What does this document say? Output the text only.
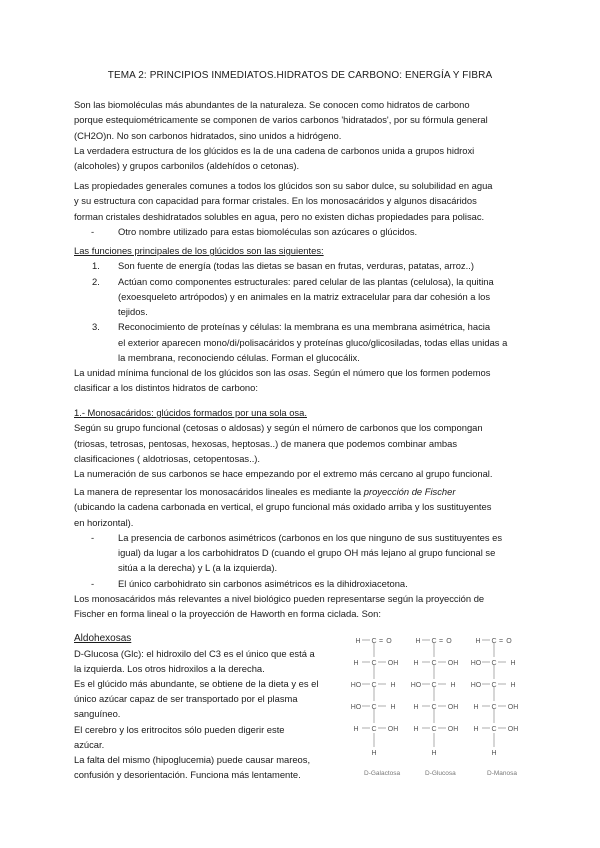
TEMA 2: PRINCIPIOS INMEDIATOS.HIDRATOS DE CARBONO: ENERGÍA Y FIBRA

Son las biomoléculas más abundantes de la naturaleza. Se conocen como hidratos de carbono

porque estequiométricamente se componen de varios carbonos 'hidratados', por su fórmula general

(CH2O)n. No son carbonos hidratados, sino unidos a hidrógeno.

La verdadera estructura de los glúcidos es la de una cadena de carbonos unida a grupos hidroxi

(alcoholes) y grupos carbonilos (aldehídos o cetonas).

Las propiedades generales comunes a todos los glúcidos son su sabor dulce, su solubilidad en agua

y su estructura con capacidad para formar cristales. En los monosacáridos y algunos disacáridos

forman cristales deshidratados solubles en agua, pero no existen dichas propiedades para polisac.

-	Otro nombre utilizado para estas biomoléculas son azúcares o glúcidos.

Las funciones principales de los glúcidos son las siguientes:

1. Son fuente de energía (todas las dietas se basan en frutas, verduras, patatas, arroz..)
2. Actúan como componentes estructurales: pared celular de las plantas (celulosa), la quitina
(exoesqueleto artrópodos) y en animales en la matriz extracelular para dar cohesión a los
tejidos.
3. Reconocimiento de proteínas y células: la membrana es una membrana asimétrica, hacia
el exterior aparecen mono/di/polisacáridos y proteínas gluco/glicosiladas, todas ellas unidas a
la membrana, reconociendo células. Forman el glucocálix.

La unidad mínima funcional de los glúcidos son las osas. Según el número que los formen podemos

clasificar a los distintos hidratos de carbono:

1.- Monosacáridos: glúcidos formados por una sola osa.

Según su grupo funcional (cetosas o aldosas) y según el número de carbonos que los compongan

(triosas, tetrosas, pentosas, hexosas, heptosas..) de manera que podemos combinar ambas

clasificaciones ( aldotriosas, cetopentosas..).

La numeración de sus carbonos se hace empezando por el extremo más cercano al grupo funcional.

La manera de representar los monosacáridos lineales es mediante la proyección de Fischer

(ubicando la cadena carbonada en vertical, el grupo funcional más oxidado arriba y los sustituyentes

en horizontal).

-	La presencia de carbonos asimétricos (carbonos en los que ninguno de sus sustituyentes es
igual) da lugar a los carbohidratos D (cuando el grupo OH más lejano al grupo funcional se
sitúa a la derecha) y L (a la izquierda).
-	El único carbohidrato sin carbonos asimétricos es la dihidroxiacetona.

Los monosacáridos más relevantes a nivel biológico pueden representarse según la proyección de

Fischer en forma lineal o la proyección de Haworth en forma ciclada. Son:

Aldohexosas

D-Glucosa (Glc): el hidroxilo del C3 es el único que está a

la izquierda. Los otros hidroxilos a la derecha.

Es el glúcido más abundante, se obtiene de la dieta y es el

único azúcar capaz de ser transportado por el plasma

sanguíneo.

El cerebro y los eritrocitos sólo pueden digerir este

azúcar.

La falta del mismo (hipoglucemia) puede causar mareos,

confusión y desorientación. Funciona más lentamente.

H C = O
C
H	OH
C
HO	H
C
HO	H
C
H	OH
H
H C = O
C
H	OH
C
HO	H
C
H	OH
C
H	OH
H
H C = O
C
HO	H
C
HO	H
C
H	OH
C
H	OH
H
D-Galactosa	D-Glucosa	D-Manosa
